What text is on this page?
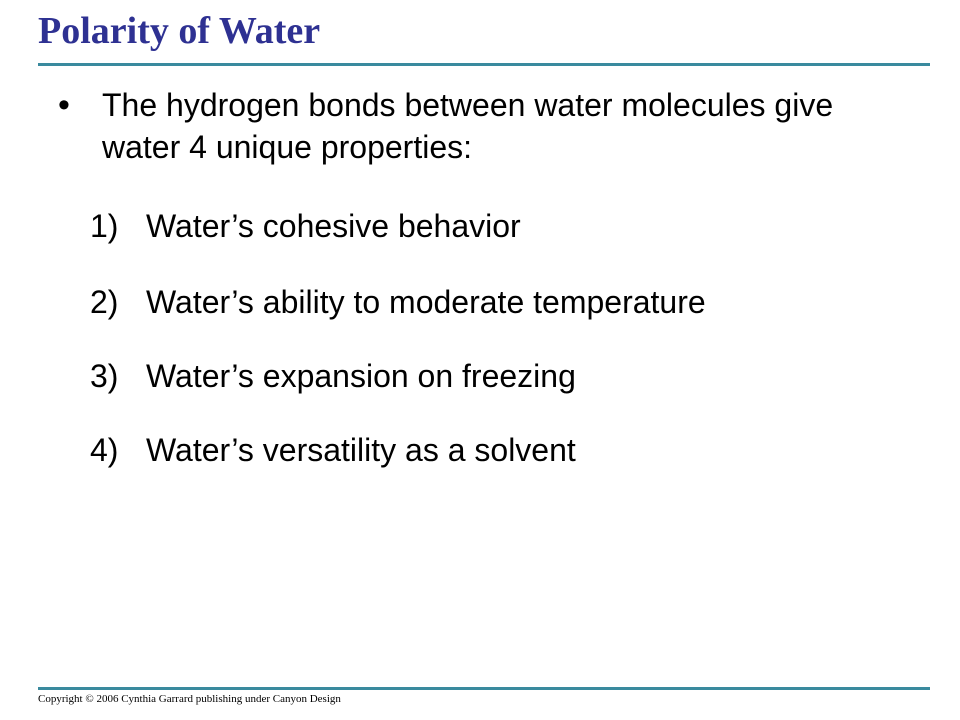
Polarity of Water
•	The hydrogen bonds between water molecules give water 4 unique properties:
1) Water’s cohesive behavior
2) Water’s ability to moderate temperature
3) Water’s expansion on freezing
4) Water’s versatility as a solvent
Copyright © 2006 Cynthia Garrard publishing under Canyon Design
